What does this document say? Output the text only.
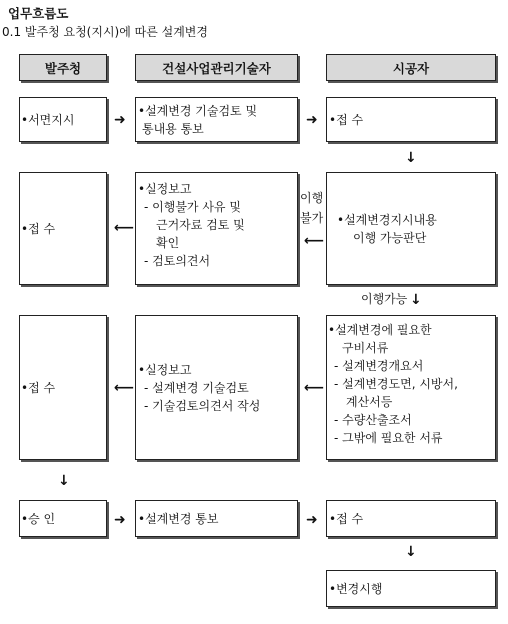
업무흐름도
0.1 발주청 요청(지시)에 따른 설계변경
발주청	건설사업관리기술자	시공자
•서면지시
•설계변경 기술검토 및
통내용 통보
•접 수
➜	➜
↓
•접 수
•실정보고
- 이행불가 사유 및
근거자료 검토 및
확인
- 검토의견서
이행
불가 •설계변경지시내용
이행 가능판단
⟵
⟵
이행가능 ↓
•접 수
•실정보고
- 설계변경 기술검토
- 기술검토의견서 작성
•설계변경에 필요한
구비서류
- 설계변경개요서
- 설계변경도면, 시방서,
계산서등
- 수량산출조서
- 그밖에 필요한 서류
⟵	⟵
↓
•승 인	•설계변경 통보	•접 수
➜	➜
↓
•변경시행
